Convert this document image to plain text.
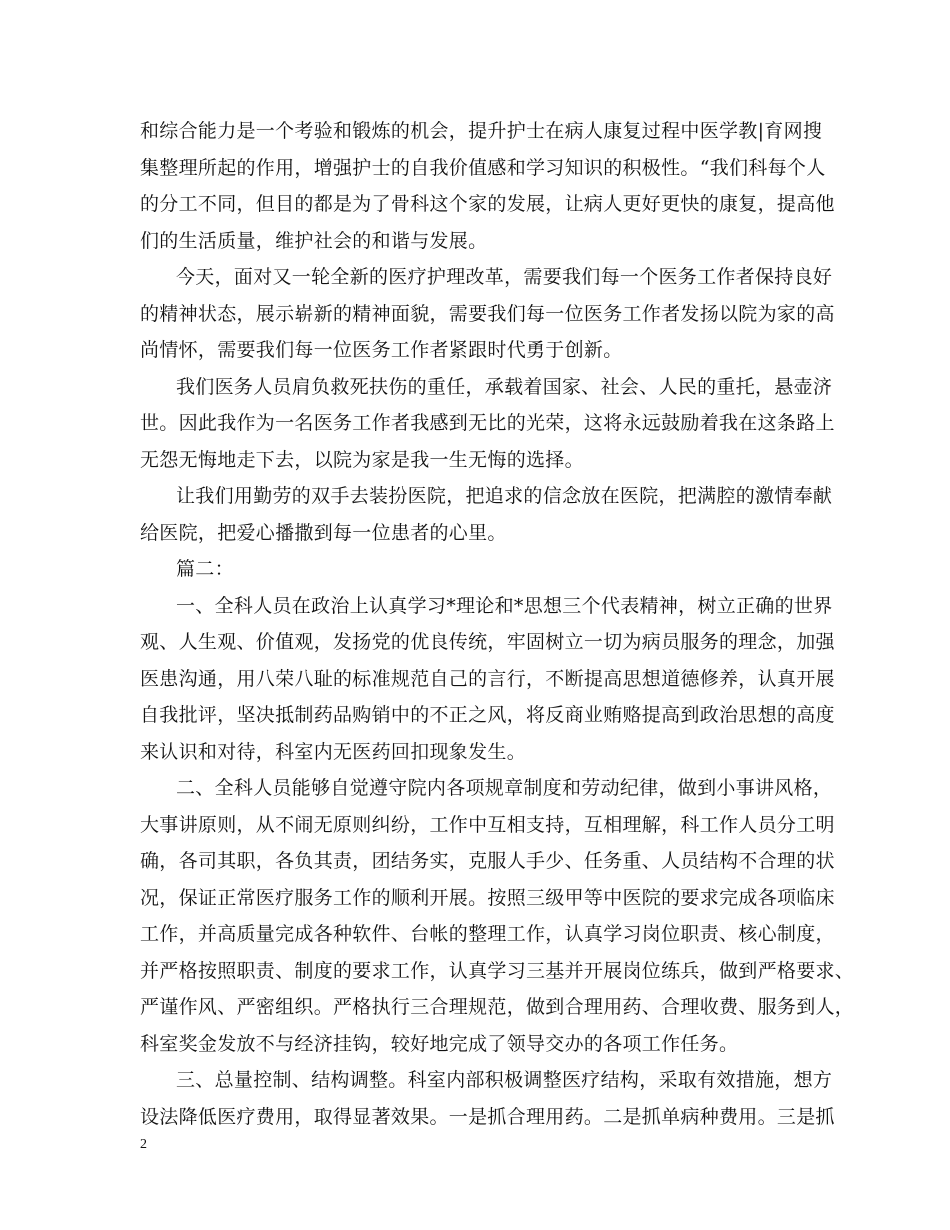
和综合能力是一个考验和锻炼的机会，提升护士在病人康复过程中医学教|育网搜
集整理所起的作用，增强护士的自我价值感和学习知识的积极性。“我们科每个人
的分工不同，但目的都是为了骨科这个家的发展，让病人更好更快的康复，提高他
们的生活质量，维护社会的和谐与发展。

今天，面对又一轮全新的医疗护理改革，需要我们每一个医务工作者保持良好
的精神状态，展示崭新的精神面貌，需要我们每一位医务工作者发扬以院为家的高
尚情怀，需要我们每一位医务工作者紧跟时代勇于创新。

我们医务人员肩负救死扶伤的重任，承载着国家、社会、人民的重托，悬壶济
世。因此我作为一名医务工作者我感到无比的光荣，这将永远鼓励着我在这条路上
无怨无悔地走下去，以院为家是我一生无悔的选择。

让我们用勤劳的双手去装扮医院，把追求的信念放在医院，把满腔的激情奉献
给医院，把爱心播撒到每一位患者的心里。

篇二：

一、全科人员在政治上认真学习*理论和*思想三个代表精神，树立正确的世界
观、人生观、价值观，发扬党的优良传统，牢固树立一切为病员服务的理念，加强
医患沟通，用八荣八耻的标准规范自己的言行，不断提高思想道德修养，认真开展
自我批评，坚决抵制药品购销中的不正之风，将反商业贿赂提高到政治思想的高度
来认识和对待，科室内无医药回扣现象发生。

二、全科人员能够自觉遵守院内各项规章制度和劳动纪律，做到小事讲风格，
大事讲原则，从不闹无原则纠纷，工作中互相支持，互相理解，科工作人员分工明
确，各司其职，各负其责，团结务实，克服人手少、任务重、人员结构不合理的状
况，保证正常医疗服务工作的顺利开展。按照三级甲等中医院的要求完成各项临床
工作，并高质量完成各种软件、台帐的整理工作，认真学习岗位职责、核心制度，
并严格按照职责、制度的要求工作，认真学习三基并开展岗位练兵，做到严格要求、
严谨作风、严密组织。严格执行三合理规范，做到合理用药、合理收费、服务到人，
科室奖金发放不与经济挂钩，较好地完成了领导交办的各项工作任务。

三、总量控制、结构调整。科室内部积极调整医疗结构，采取有效措施，想方
设法降低医疗费用，取得显著效果。一是抓合理用药。二是抓单病种费用。三是抓

2
